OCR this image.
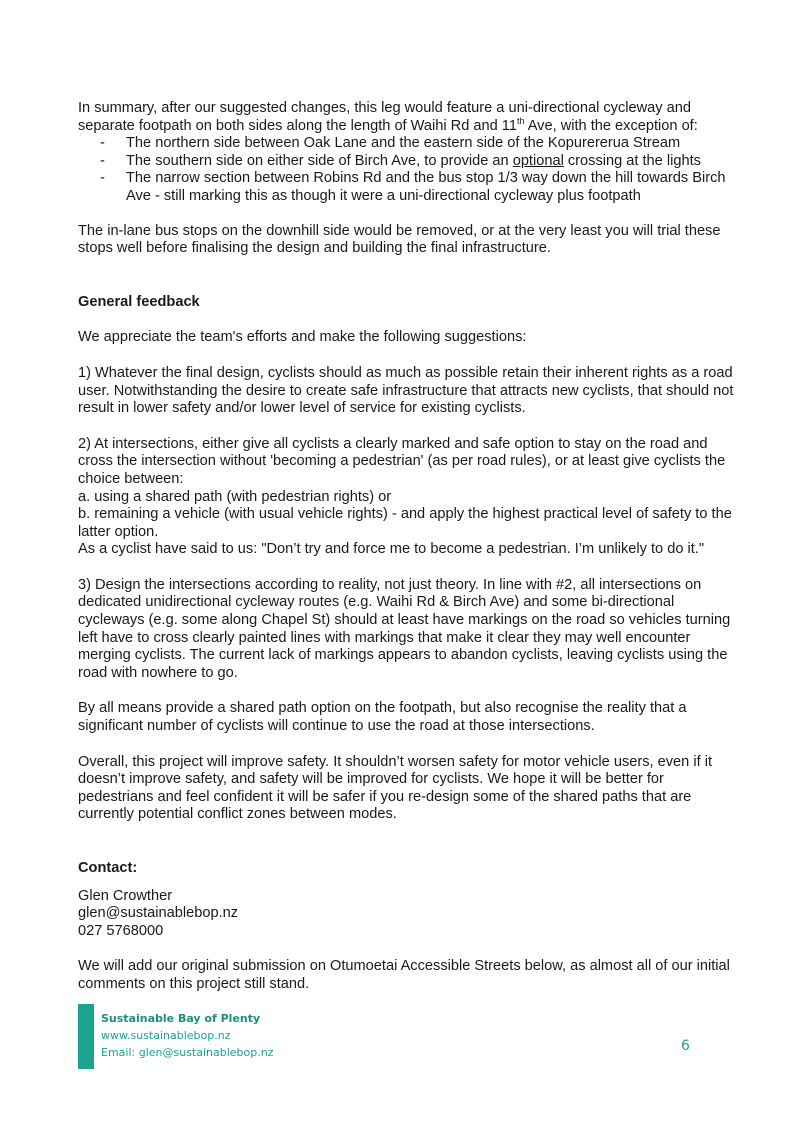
In summary, after our suggested changes, this leg would feature a uni-directional cycleway and separate footpath on both sides along the length of Waihi Rd and 11th Ave, with the exception of:

- The northern side between Oak Lane and the eastern side of the Kopurererua Stream
- The southern side on either side of Birch Ave, to provide an optional crossing at the lights
- The narrow section between Robins Rd and the bus stop 1/3 way down the hill towards Birch Ave - still marking this as though it were a uni-directional cycleway plus footpath

The in-lane bus stops on the downhill side would be removed, or at the very least you will trial these stops well before finalising the design and building the final infrastructure.

General feedback

We appreciate the team's efforts and make the following suggestions:

1) Whatever the final design, cyclists should as much as possible retain their inherent rights as a road user. Notwithstanding the desire to create safe infrastructure that attracts new cyclists, that should not result in lower safety and/or lower level of service for existing cyclists.

2) At intersections, either give all cyclists a clearly marked and safe option to stay on the road and cross the intersection without 'becoming a pedestrian' (as per road rules), or at least give cyclists the choice between:

a. using a shared path (with pedestrian rights) or

b. remaining a vehicle (with usual vehicle rights) - and apply the highest practical level of safety to the latter option.

As a cyclist have said to us: "Don’t try and force me to become a pedestrian. I’m unlikely to do it."

3) Design the intersections according to reality, not just theory. In line with #2, all intersections on dedicated unidirectional cycleway routes (e.g. Waihi Rd & Birch Ave) and some bi-directional cycleways (e.g. some along Chapel St) should at least have markings on the road so vehicles turning left have to cross clearly painted lines with markings that make it clear they may well encounter merging cyclists. The current lack of markings appears to abandon cyclists, leaving cyclists using the road with nowhere to go.

By all means provide a shared path option on the footpath, but also recognise the reality that a significant number of cyclists will continue to use the road at those intersections.

Overall, this project will improve safety. It shouldn’t worsen safety for motor vehicle users, even if it doesn’t improve safety, and safety will be improved for cyclists. We hope it will be better for pedestrians and feel confident it will be safer if you re-design some of the shared paths that are currently potential conflict zones between modes.

Contact:

Glen Crowther

glen@sustainablebop.nz

027 5768000

We will add our original submission on Otumoetai Accessible Streets below, as almost all of our initial comments on this project still stand.

Sustainable Bay of Plenty
www.sustainablebop.nz
Email: glen@sustainablebop.nz	6
